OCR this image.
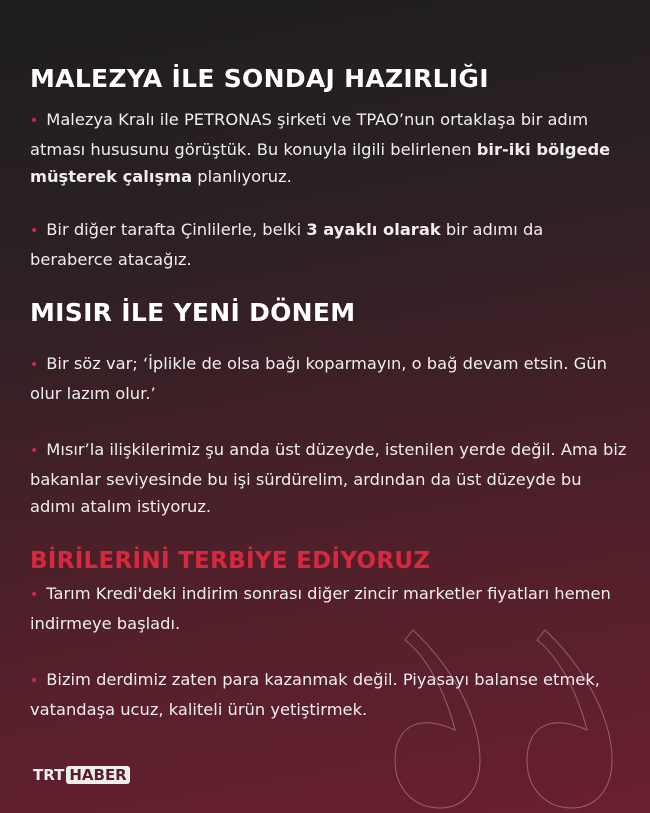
MALEZYA İLE SONDAJ HAZIRLIĞI

• Malezya Kralı ile PETRONAS şirketi ve TPAO’nun ortaklaşa bir adım atması hususunu görüştük. Bu konuyla ilgili belirlenen bir-iki bölgede müşterek çalışma planlıyoruz.

• Bir diğer tarafta Çinlilerle, belki 3 ayaklı olarak bir adımı da beraberce atacağız.

MISIR İLE YENİ DÖNEM

• Bir söz var; ‘İplikle de olsa bağı koparmayın, o bağ devam etsin. Gün olur lazım olur.’

• Mısır’la ilişkilerimiz şu anda üst düzeyde, istenilen yerde değil. Ama biz bakanlar seviyesinde bu işi sürdürelim, ardından da üst düzeyde bu adımı atalım istiyoruz.

BİRİLERİNİ TERBİYE EDİYORUZ

• Tarım Kredi'deki indirim sonrası diğer zincir marketler fiyatları hemen indirmeye başladı.

• Bizim derdimiz zaten para kazanmak değil. Piyasayı balanse etmek, vatandaşa ucuz, kaliteli ürün yetiştirmek.

TRT HABER
